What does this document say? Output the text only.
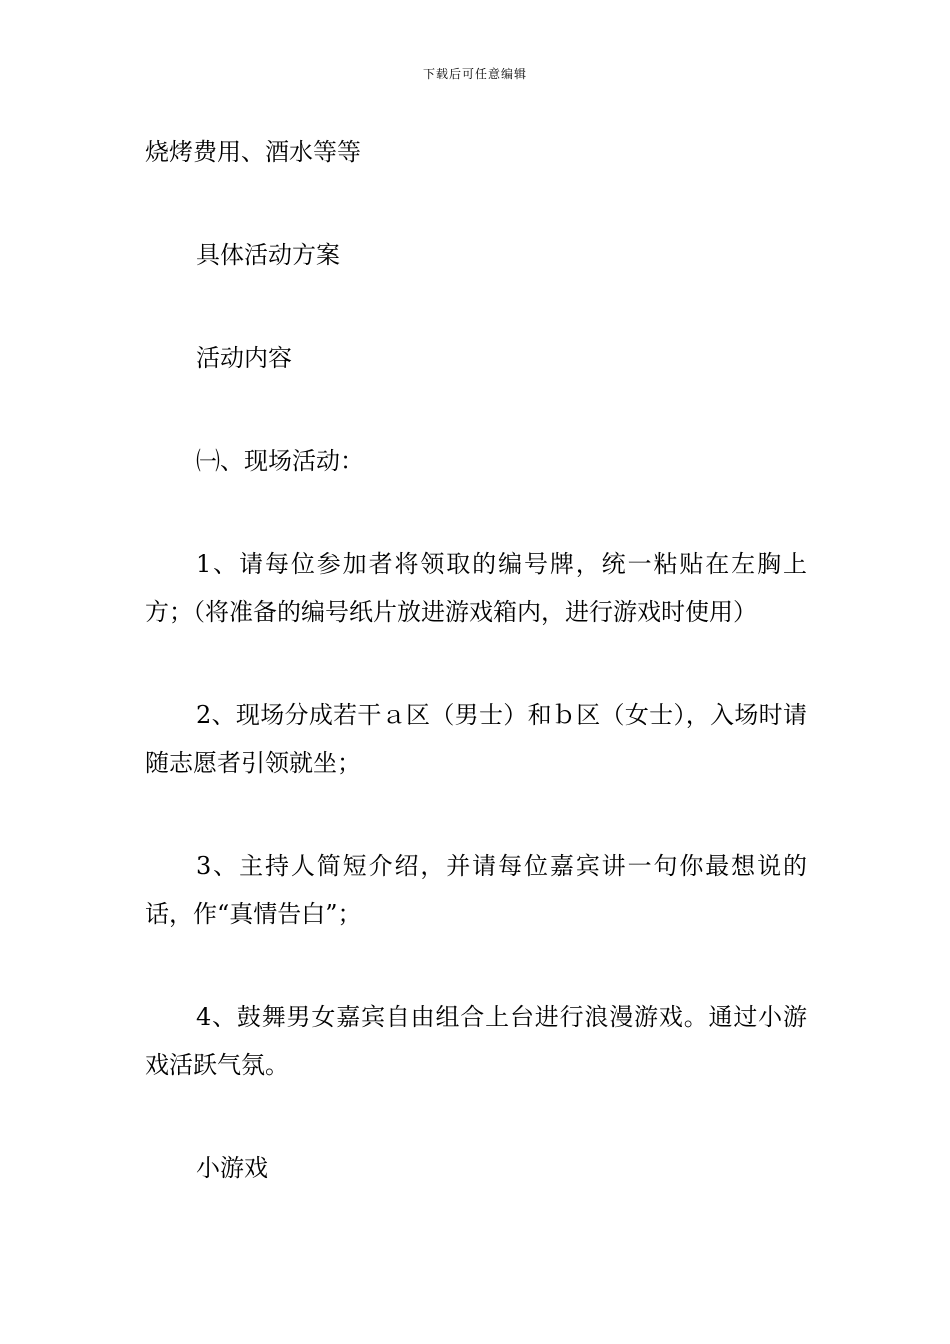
下载后可任意编辑

烧烤费用、酒水等等

具体活动方案

活动内容

㈠、现场活动：

1、请每位参加者将领取的编号牌，统一粘贴在左胸上方；（将准备的编号纸片放进游戏箱内，进行游戏时使用）

2、现场分成若干ａ区（男士）和ｂ区（女士），入场时请随志愿者引领就坐；

3、主持人简短介绍，并请每位嘉宾讲一句你最想说的话，作“真情告白”；

4、鼓舞男女嘉宾自由组合上台进行浪漫游戏。通过小游戏活跃气氛。

小游戏
